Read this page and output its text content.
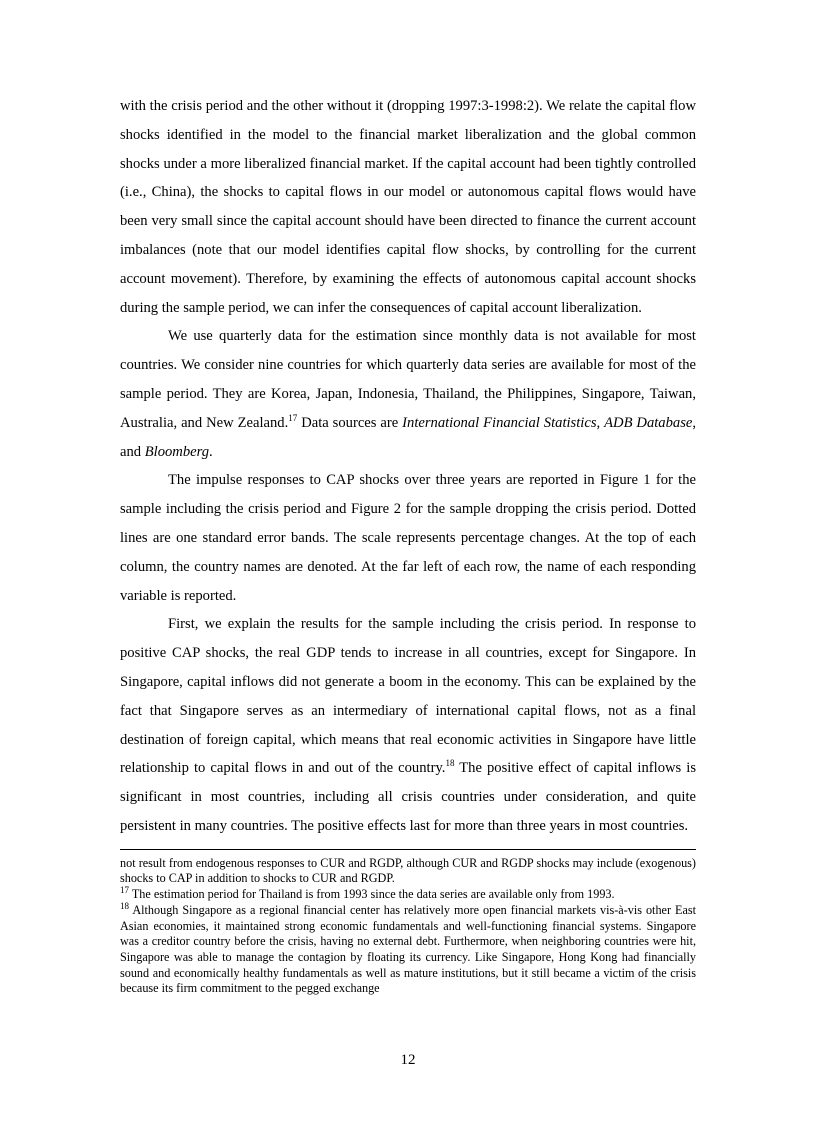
with the crisis period and the other without it (dropping 1997:3-1998:2). We relate the capital flow shocks identified in the model to the financial market liberalization and the global common shocks under a more liberalized financial market. If the capital account had been tightly controlled (i.e., China), the shocks to capital flows in our model or autonomous capital flows would have been very small since the capital account should have been directed to finance the current account imbalances (note that our model identifies capital flow shocks, by controlling for the current account movement). Therefore, by examining the effects of autonomous capital account shocks during the sample period, we can infer the consequences of capital account liberalization.

We use quarterly data for the estimation since monthly data is not available for most countries. We consider nine countries for which quarterly data series are available for most of the sample period. They are Korea, Japan, Indonesia, Thailand, the Philippines, Singapore, Taiwan, Australia, and New Zealand.$^{17}$ Data sources are International Financial Statistics, ADB Database, and Bloomberg.

The impulse responses to CAP shocks over three years are reported in Figure 1 for the sample including the crisis period and Figure 2 for the sample dropping the crisis period. Dotted lines are one standard error bands. The scale represents percentage changes. At the top of each column, the country names are denoted. At the far left of each row, the name of each responding variable is reported.

First, we explain the results for the sample including the crisis period. In response to positive CAP shocks, the real GDP tends to increase in all countries, except for Singapore. In Singapore, capital inflows did not generate a boom in the economy. This can be explained by the fact that Singapore serves as an intermediary of international capital flows, not as a final destination of foreign capital, which means that real economic activities in Singapore have little relationship to capital flows in and out of the country.$^{18}$ The positive effect of capital inflows is significant in most countries, including all crisis countries under consideration, and quite persistent in many countries. The positive effects last for more than three years in most countries.

not result from endogenous responses to CUR and RGDP, although CUR and RGDP shocks may include (exogenous) shocks to CAP in addition to shocks to CUR and RGDP.

$^{17}$ The estimation period for Thailand is from 1993 since the data series are available only from 1993.

$^{18}$ Although Singapore as a regional financial center has relatively more open financial markets vis-à-vis other East Asian economies, it maintained strong economic fundamentals and well-functioning financial systems. Singapore was a creditor country before the crisis, having no external debt. Furthermore, when neighboring countries were hit, Singapore was able to manage the contagion by floating its currency. Like Singapore, Hong Kong had financially sound and economically healthy fundamentals as well as mature institutions, but it still became a victim of the crisis because its firm commitment to the pegged exchange

12
